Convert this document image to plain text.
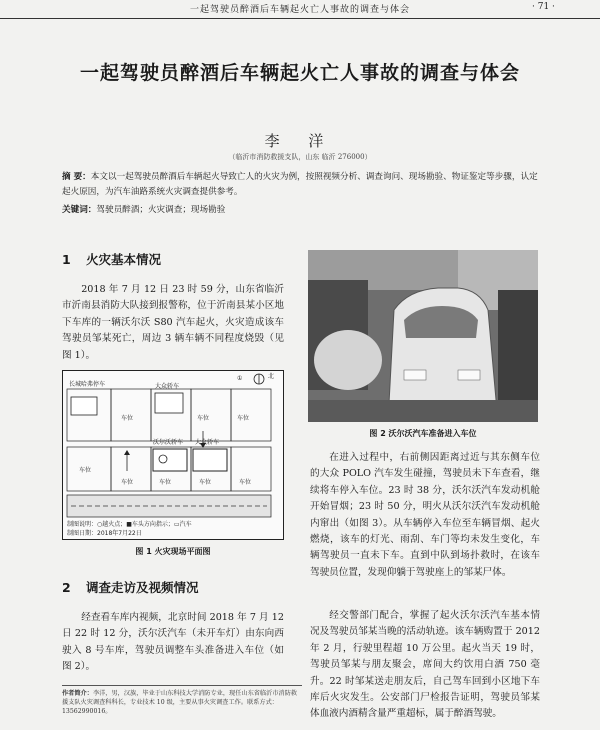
一起驾驶员醉酒后车辆起火亡人事故的调查与体会	· 71 ·
一起驾驶员醉酒后车辆起火亡人事故的调查与体会
李 洋
（临沂市消防救援支队，山东 临沂 276000）
摘 要：本文以一起驾驶员醉酒后车辆起火导致亡人的火灾为例，按照视频分析、调查询问、现场勘验、物证鉴定等步骤，认定起火原因，为汽车油路系统火灾调查提供参考。
关键词：驾驶员醉酒；火灾调查；现场勘验
1 火灾基本情况
2018 年 7 月 12 日 23 时 59 分，山东省临沂市沂南县消防大队接到报警称，位于沂南县某小区地下车库的一辆沃尔沃 S80 汽车起火，火灾造成该车驾驶员邹某死亡，周边 3 辆车辆不同程度烧毁（见图 1）。
长城哈弗停车	大众轿车
车位	车位	车位
沃尔沃轿车 大众轿车
车位
车位	车位	车位	车位
①	北
制图说明：○越火点；■车头方向指示；▭汽车
制图日期：2018年7月22日
图 1 火灾现场平面图
2 调查走访及视频情况
经查看车库内视频，北京时间 2018 年 7 月 12 日 22 时 12 分，沃尔沃汽车（未开车灯）由东向西驶入 8 号车库，驾驶员调整车头准备进入车位（如图 2）。
图 2 沃尔沃汽车准备进入车位
在进入过程中，右前侧因距离过近与其东侧车位的大众 POLO 汽车发生碰撞，驾驶员未下车查看，继续将车停入车位。23 时 38 分，沃尔沃汽车发动机舱开始冒烟；23 时 50 分，明火从沃尔沃汽车发动机舱内窜出（如图 3）。从车辆停入车位至车辆冒烟、起火燃烧，该车的灯光、雨刮、车门等均未发生变化，车辆驾驶员一直未下车。直到中队到场扑救时，在该车驾驶员位置，发现仰躺于驾驶座上的邹某尸体。
经交警部门配合，掌握了起火沃尔沃汽车基本情况及驾驶员邹某当晚的活动轨迹。该车辆购置于 2012 年 2 月，行驶里程超 10 万公里。起火当天 19 时，驾驶员邹某与朋友聚会，席间大约饮用白酒 750 毫升。22 时邹某送走朋友后，自己驾车回到小区地下车库后火灾发生。公安部门尸检报告证明，驾驶员邹某体血液内酒精含量严重超标，属于醉酒驾驶。
作者简介：李洋，男，汉族，毕业于山东科技大学消防专业，现任山东省临沂市消防救援支队火灾调查科科长，专业技术 10 级，主要从事火灾调查工作。联系方式：13562990016。
